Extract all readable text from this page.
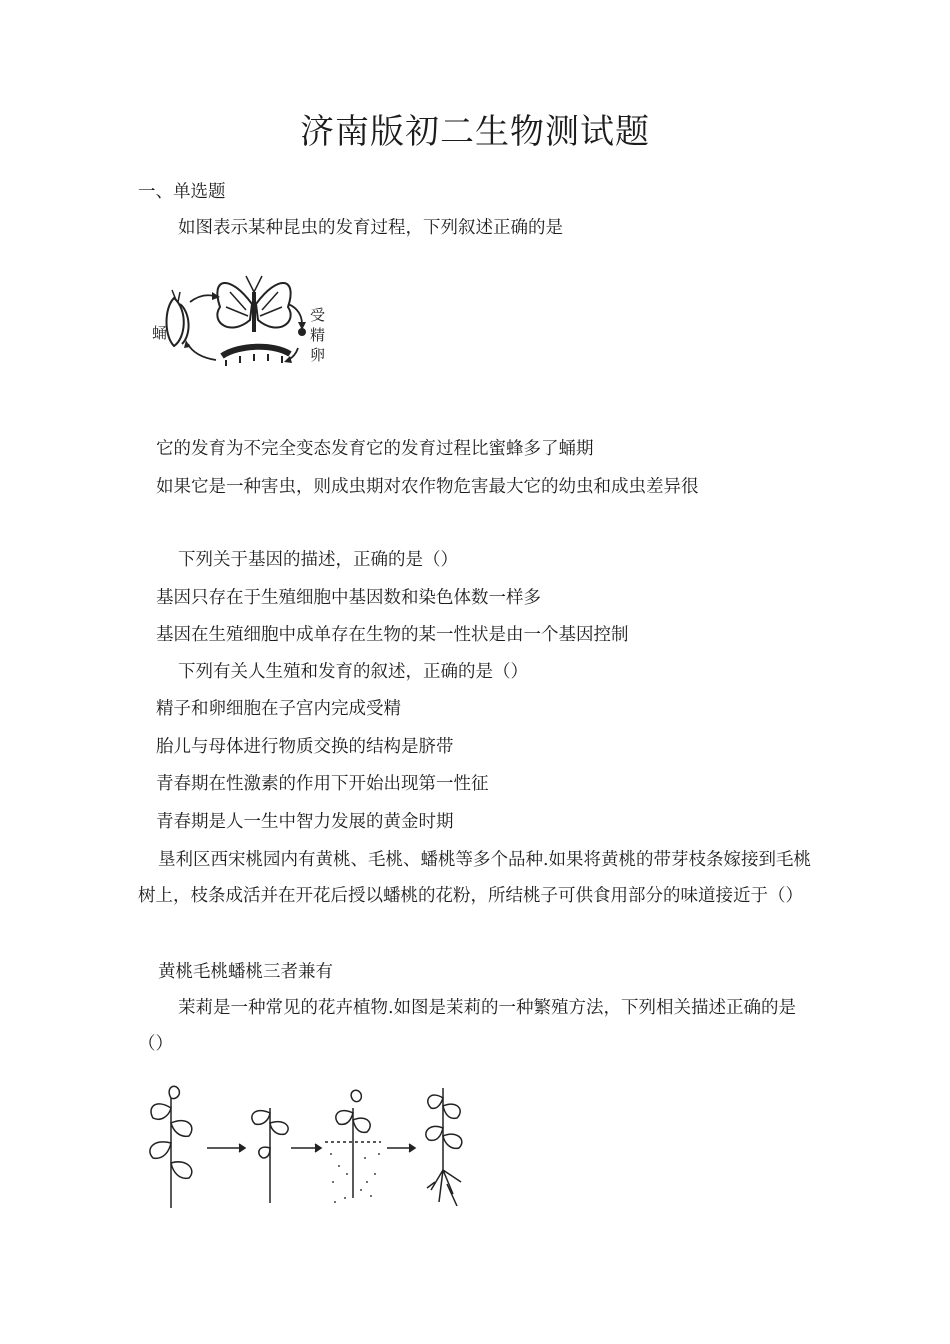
济南版初二生物测试题
一、单选题
如图表示某种昆虫的发育过程，下列叙述正确的是
蛹
受
精
卵
它的发育为不完全变态发育它的发育过程比蜜蜂多了蛹期
如果它是一种害虫，则成虫期对农作物危害最大它的幼虫和成虫差异很
下列关于基因的描述，正确的是（）
基因只存在于生殖细胞中基因数和染色体数一样多
基因在生殖细胞中成单存在生物的某一性状是由一个基因控制
下列有关人生殖和发育的叙述，正确的是（）
精子和卵细胞在子宫内完成受精
胎儿与母体进行物质交换的结构是脐带
青春期在性激素的作用下开始出现第一性征
青春期是人一生中智力发展的黄金时期
垦利区西宋桃园内有黄桃、毛桃、蟠桃等多个品种.如果将黄桃的带芽枝条嫁接到毛桃树上，枝条成活并在开花后授以蟠桃的花粉，所结桃子可供食用部分的味道接近于（）
黄桃毛桃蟠桃三者兼有
茉莉是一种常见的花卉植物.如图是茉莉的一种繁殖方法，下列相关描述正确的是（）
